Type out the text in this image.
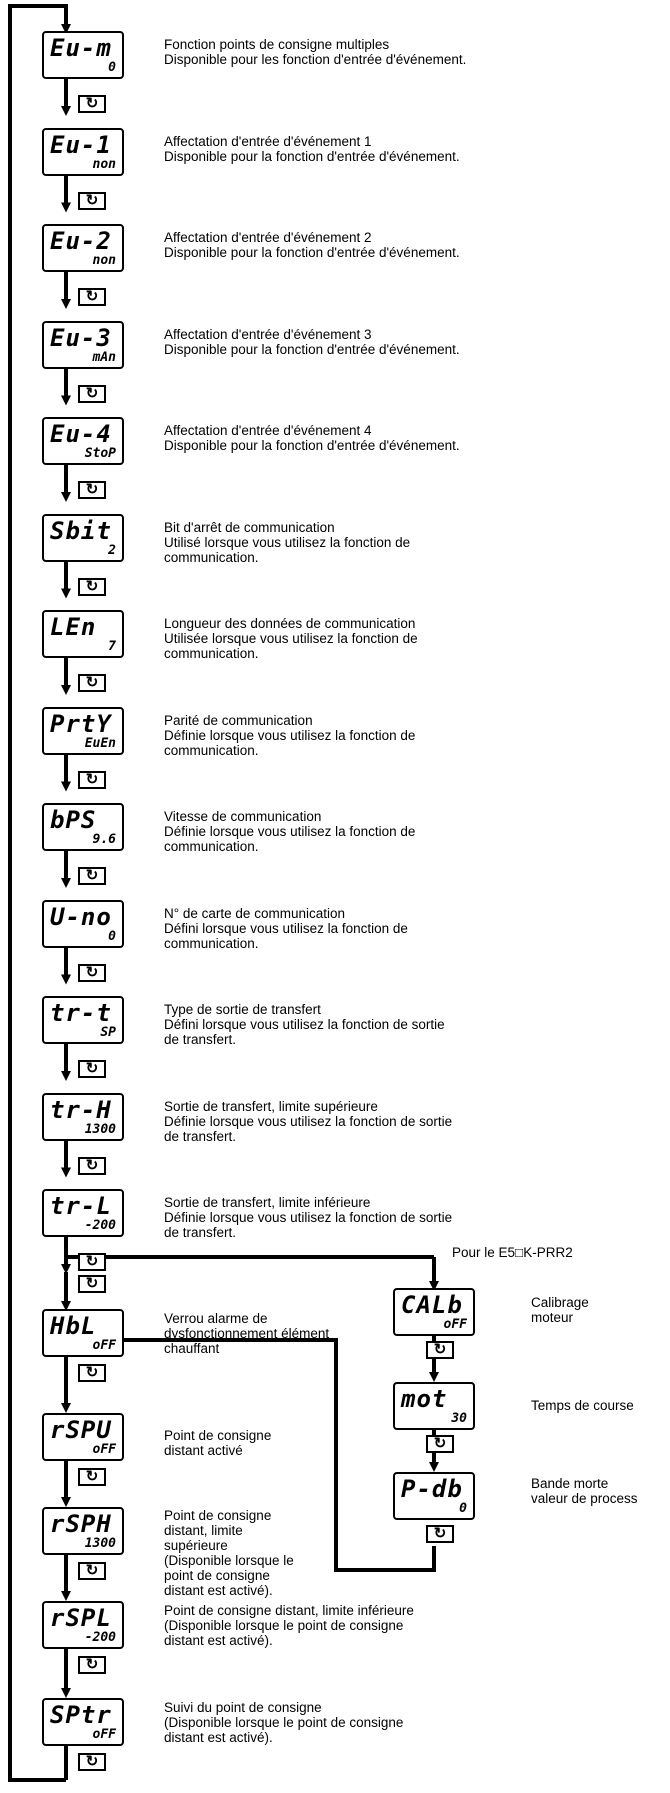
Eu-m
0
Fonction points de consigne multiples
Disponible pour les fonction d'entrée d'événement.
↻
Eu-1
non
Affectation d'entrée d'événement 1
Disponible pour la fonction d'entrée d'événement.
↻
Eu-2
non
Affectation d'entrée d'événement 2
Disponible pour la fonction d'entrée d'événement.
↻
Eu-3
mAn
Affectation d'entrée d'événement 3
Disponible pour la fonction d'entrée d'événement.
↻
Eu-4
StoP
Affectation d'entrée d'événement 4
Disponible pour la fonction d'entrée d'événement.
↻
Sbit
2
Bit d'arrêt de communication
Utilisé lorsque vous utilisez la fonction de
communication.
↻
LEn
7
Longueur des données de communication
Utilisée lorsque vous utilisez la fonction de
communication.
↻
PrtY
EuEn
Parité de communication
Définie lorsque vous utilisez la fonction de
communication.
↻
bPS
9.6
Vitesse de communication
Définie lorsque vous utilisez la fonction de
communication.
↻
U-no
0
N° de carte de communication
Défini lorsque vous utilisez la fonction de
communication.
↻
tr-t
SP
Type de sortie de transfert
Défini lorsque vous utilisez la fonction de sortie
de transfert.
↻
tr-H
1300
Sortie de transfert, limite supérieure
Définie lorsque vous utilisez la fonction de sortie
de transfert.
↻
tr-L
-200
Sortie de transfert, limite inférieure
Définie lorsque vous utilisez la fonction de sortie
de transfert.
↻
Pour le E5□K-PRR2
↻
HbL
oFF
↻
rSPU
oFF
↻
rSPH
1300
↻
rSPL
-200
↻
SPtr
oFF
↻
Verrou alarme de
dysfonctionnement élément
chauffant
Point de consigne
distant activé
Point de consigne
distant, limite
supérieure
(Disponible lorsque le
point de consigne
distant est activé).
Point de consigne distant, limite inférieure
(Disponible lorsque le point de consigne
distant est activé).
Suivi du point de consigne
(Disponible lorsque le point de consigne
distant est activé).
CALb
oFF
↻
mot
30
↻
P-db
0
↻
Calibrage
moteur
Temps de course
Bande morte
valeur de process
